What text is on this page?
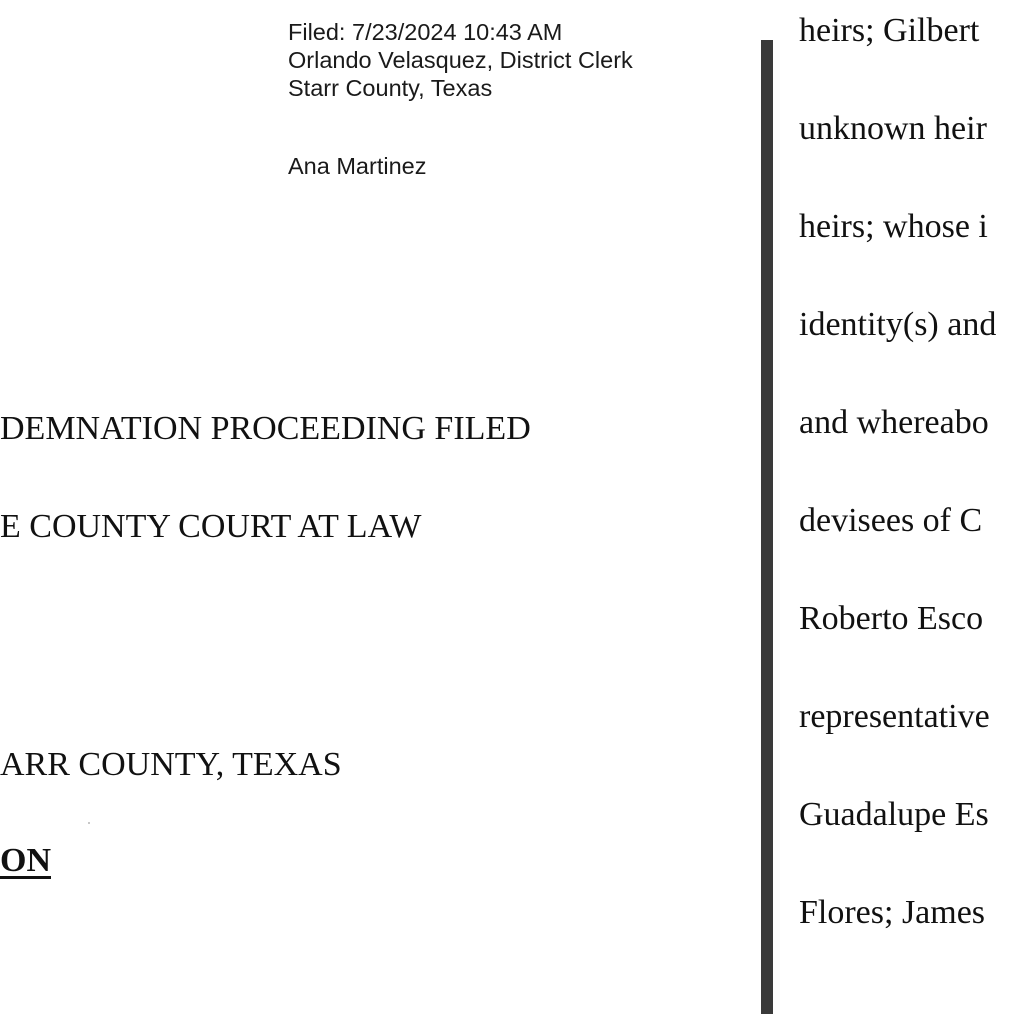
Filed: 7/23/2024 10:43 AM
Orlando Velasquez, District Clerk
Starr County, Texas
Ana Martinez
DEMNATION PROCEEDING FILED
E COUNTY COURT AT LAW
ARR COUNTY, TEXAS
ON
heirs; Gilbert
unknown heir
heirs; whose i
identity(s) and
and whereabo
devisees of C
Roberto Esco
representative
Guadalupe Es
Flores; James
